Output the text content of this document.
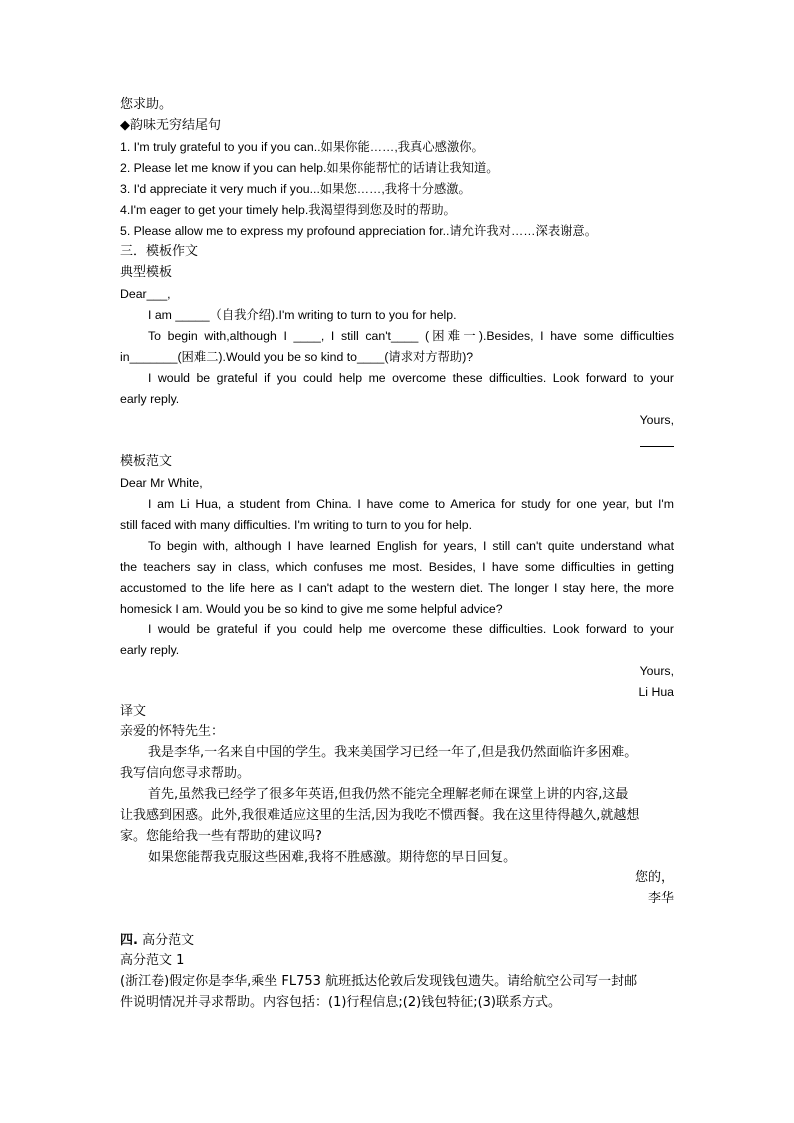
您求助。
◆韵味无穷结尾句
1. I'm truly grateful to you if you can..如果你能……,我真心感激你。
2. Please let me know if you can help.如果你能帮忙的话请让我知道。
3. I'd appreciate it very much if you...如果您……,我将十分感激。
4.I'm eager to get your timely help.我渴望得到您及时的帮助。
5. Please allow me to express my profound appreciation for..请允许我对……深表谢意。
三．模板作文
典型模板
Dear___,
I am _____（自我介绍).I'm writing to turn to you for help.
To begin with,although I ____, I still can't____ (困难一).Besides, I have some difficulties
in_______(困难二).Would you be so kind to____(请求对方帮助)?
I would be grateful if you could help me overcome these difficulties. Look forward to your
early reply.
Yours,
模板范文
Dear Mr White,
I am Li Hua, a student from China. I have come to America for study for one year, but I'm
still faced with many difficulties. I'm writing to turn to you for help.
To begin with, although I have learned English for years, I still can't quite understand what
the teachers say in class, which confuses me most. Besides, I have some difficulties in getting
accustomed to the life here as I can't adapt to the western diet. The longer I stay here, the more
homesick I am. Would you be so kind to give me some helpful advice?
I would be grateful if you could help me overcome these difficulties. Look forward to your
early reply.
Yours,
Li Hua
译文
亲爱的怀特先生：
我是李华,一名来自中国的学生。我来美国学习已经一年了,但是我仍然面临许多困难。
我写信向您寻求帮助。
首先,虽然我已经学了很多年英语,但我仍然不能完全理解老师在课堂上讲的内容,这最
让我感到困惑。此外,我很难适应这里的生活,因为我吃不惯西餐。我在这里待得越久,就越想
家。您能给我一些有帮助的建议吗?
如果您能帮我克服这些困难,我将不胜感激。期待您的早日回复。
您的，
李华
四. 高分范文
高分范文 1
(浙江卷)假定你是李华,乘坐 FL753 航班抵达伦敦后发现钱包遗失。请给航空公司写一封邮
件说明情况并寻求帮助。内容包括：(1)行程信息;(2)钱包特征;(3)联系方式。
